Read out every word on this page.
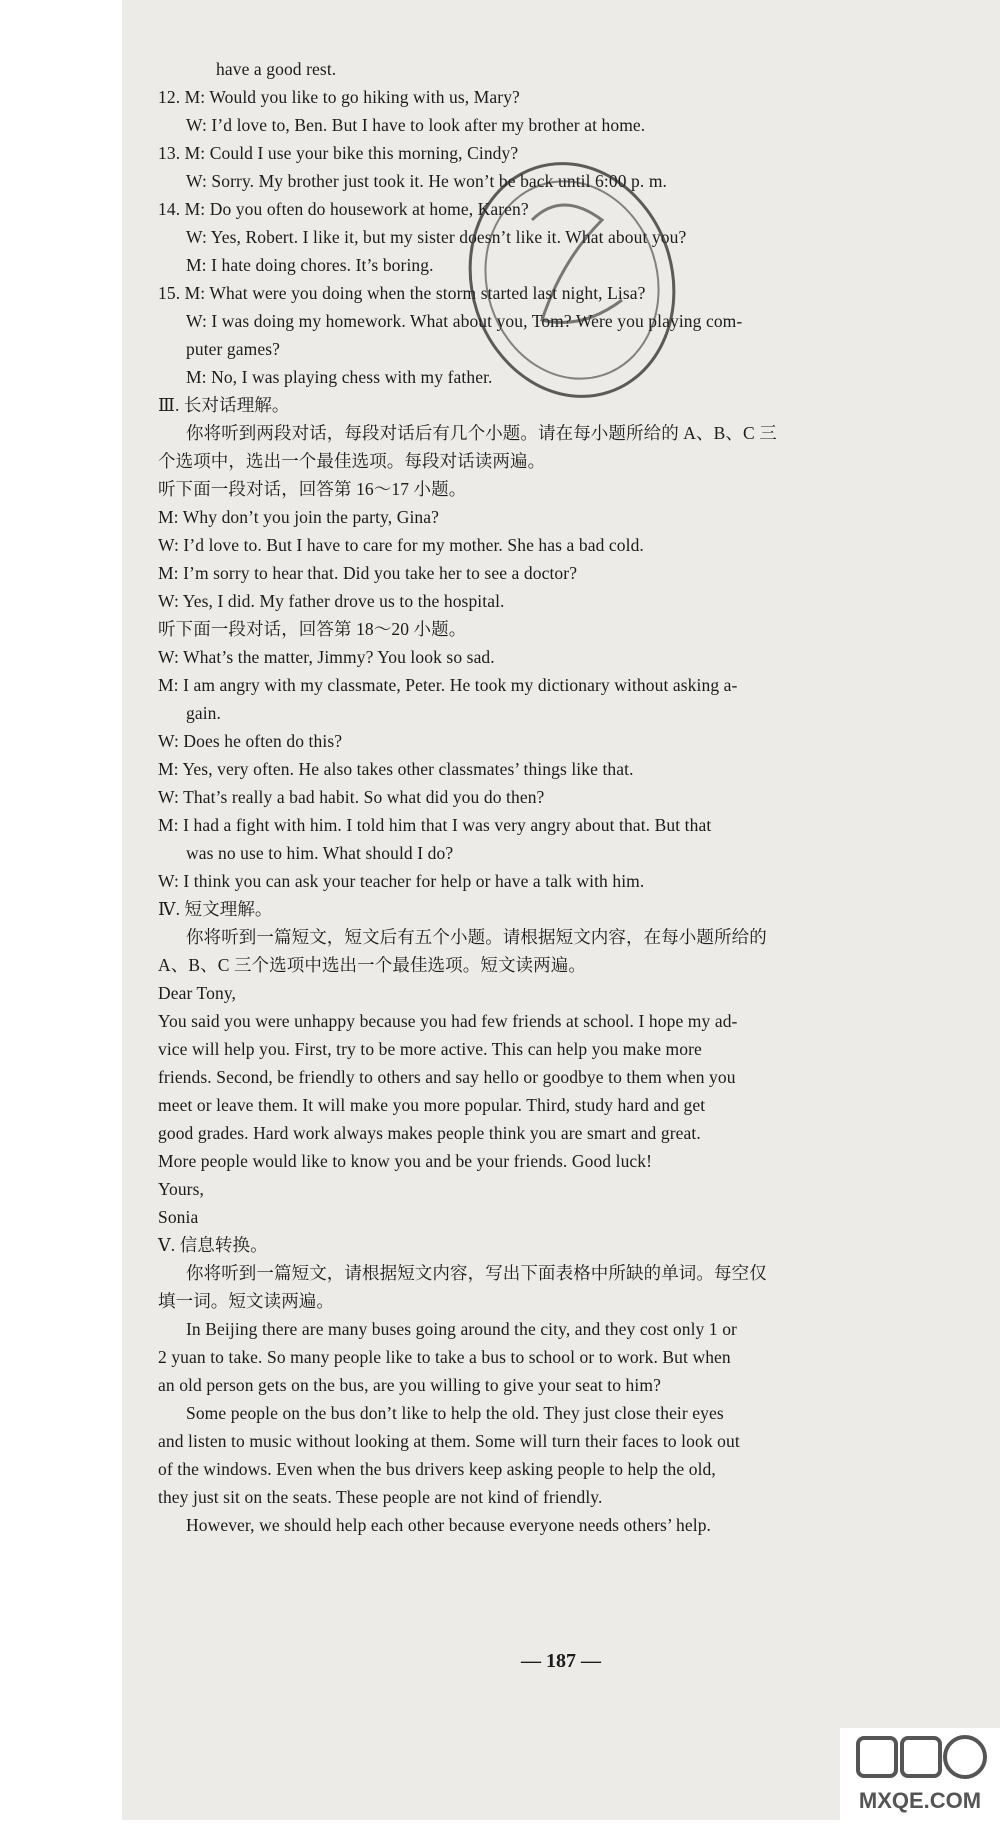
have a good rest.
12. M: Would you like to go hiking with us, Mary?
W: I’d love to, Ben. But I have to look after my brother at home.
13. M: Could I use your bike this morning, Cindy?
W: Sorry. My brother just took it. He won’t be back until 6:00 p. m.
14. M: Do you often do housework at home, Karen?
W: Yes, Robert. I like it, but my sister doesn’t like it. What about you?
M: I hate doing chores. It’s boring.
15. M: What were you doing when the storm started last night, Lisa?
W: I was doing my homework. What about you, Tom? Were you playing com-
puter games?
M: No, I was playing chess with my father.
Ⅲ. 长对话理解。
你将听到两段对话，每段对话后有几个小题。请在每小题所给的 A、B、C 三
个选项中，选出一个最佳选项。每段对话读两遍。
听下面一段对话，回答第 16～17 小题。
M: Why don’t you join the party, Gina?
W: I’d love to. But I have to care for my mother. She has a bad cold.
M: I’m sorry to hear that. Did you take her to see a doctor?
W: Yes, I did. My father drove us to the hospital.
听下面一段对话，回答第 18～20 小题。
W: What’s the matter, Jimmy? You look so sad.
M: I am angry with my classmate, Peter. He took my dictionary without asking a-
gain.
W: Does he often do this?
M: Yes, very often. He also takes other classmates’ things like that.
W: That’s really a bad habit. So what did you do then?
M: I had a fight with him. I told him that I was very angry about that. But that
was no use to him. What should I do?
W: I think you can ask your teacher for help or have a talk with him.
Ⅳ. 短文理解。
你将听到一篇短文，短文后有五个小题。请根据短文内容，在每小题所给的
A、B、C 三个选项中选出一个最佳选项。短文读两遍。
Dear Tony,
You said you were unhappy because you had few friends at school. I hope my ad-
vice will help you. First, try to be more active. This can help you make more
friends. Second, be friendly to others and say hello or goodbye to them when you
meet or leave them. It will make you more popular. Third, study hard and get
good grades. Hard work always makes people think you are smart and great.
More people would like to know you and be your friends. Good luck!
Yours,
Sonia
Ⅴ. 信息转换。
你将听到一篇短文，请根据短文内容，写出下面表格中所缺的单词。每空仅
填一词。短文读两遍。
In Beijing there are many buses going around the city, and they cost only 1 or
2 yuan to take. So many people like to take a bus to school or to work. But when
an old person gets on the bus, are you willing to give your seat to him?
Some people on the bus don’t like to help the old. They just close their eyes
and listen to music without looking at them. Some will turn their faces to look out
of the windows. Even when the bus drivers keep asking people to help the old,
they just sit on the seats. These people are not kind of friendly.
However, we should help each other because everyone needs others’ help.
— 187 —
MXQE.COM
